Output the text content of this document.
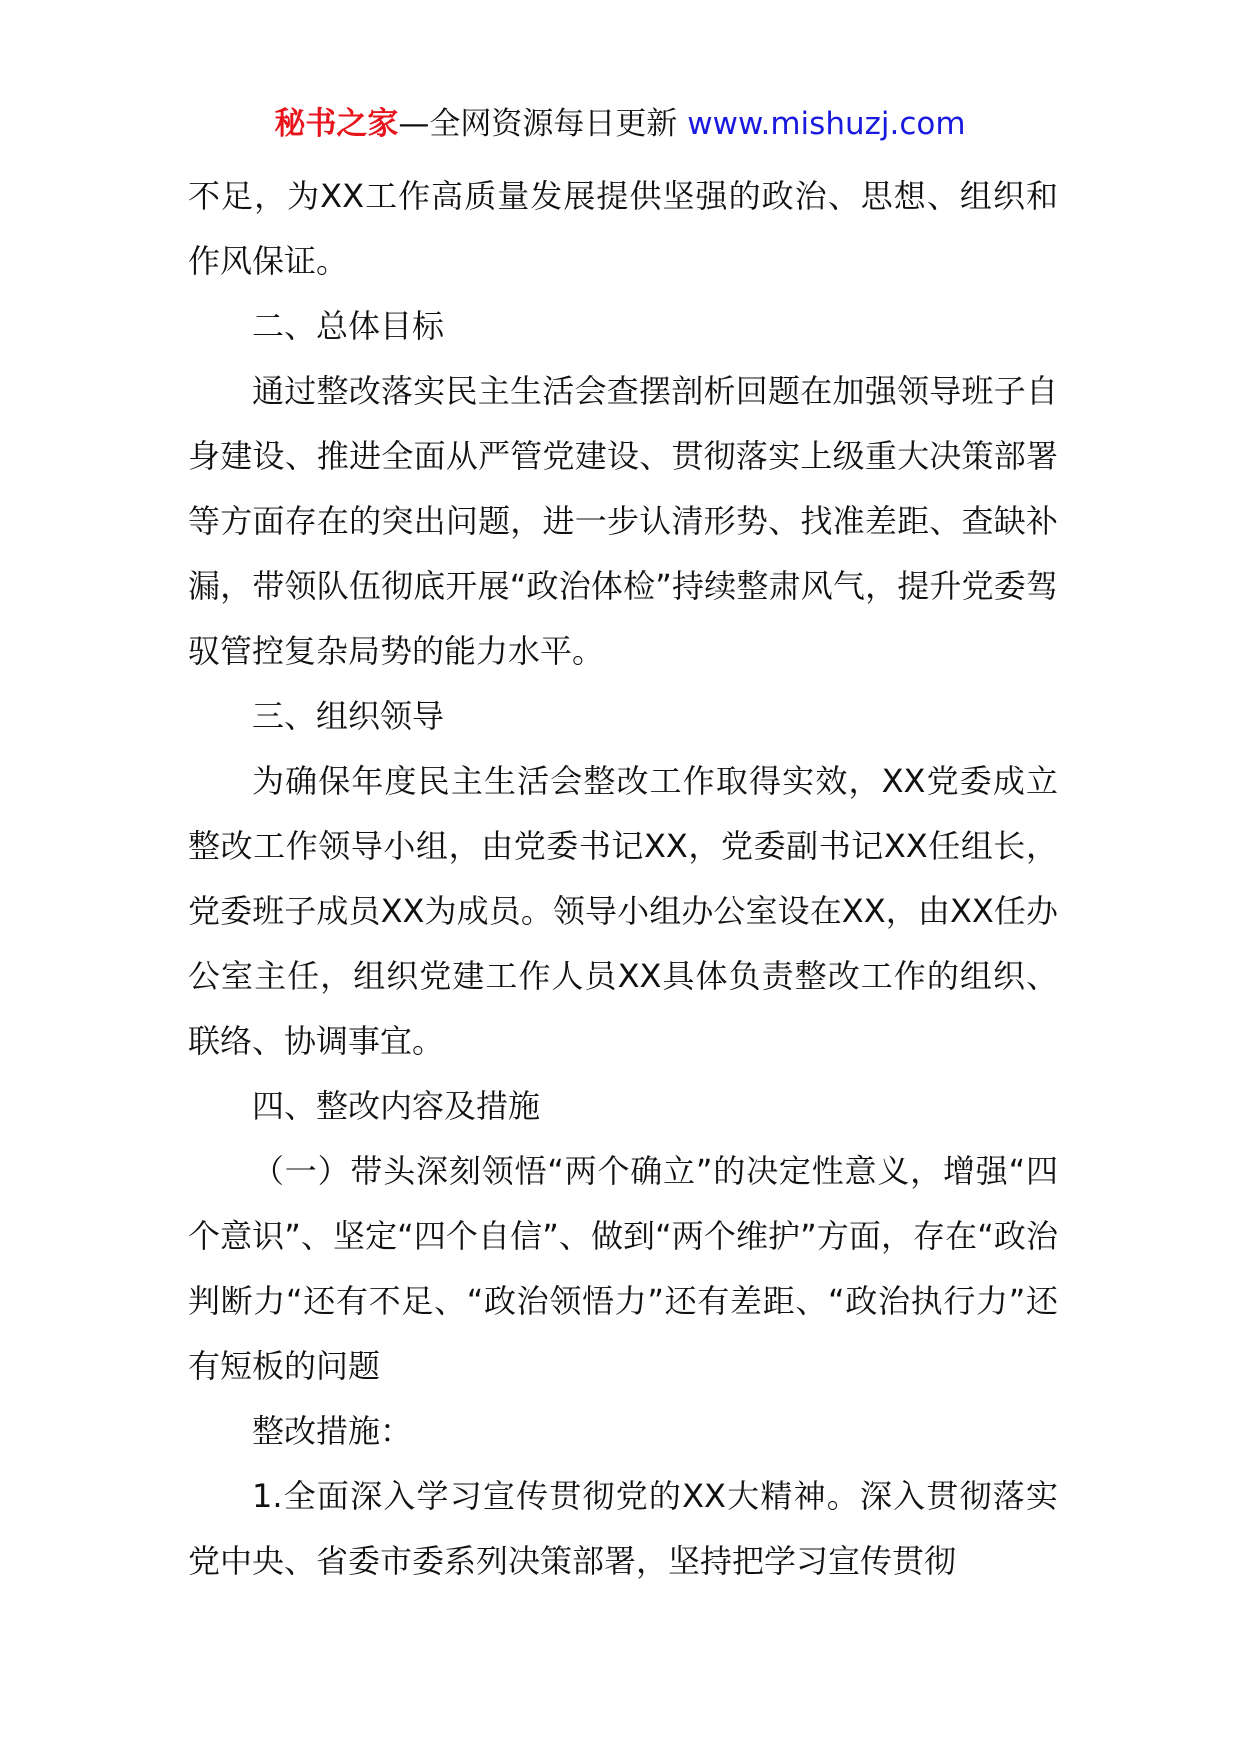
秘书之家—全网资源每日更新 www.mishuzj.com

不足，为XX工作高质量发展提供坚强的政治、思想、组织和作风保证。

二、总体目标

通过整改落实民主生活会查摆剖析回题在加强领导班子自身建设、推进全面从严管党建设、贯彻落实上级重大决策部署等方面存在的突出问题，进一步认清形势、找准差距、查缺补漏，带领队伍彻底开展“政治体检”持续整肃风气，提升党委驾驭管控复杂局势的能力水平。

三、组织领导

为确保年度民主生活会整改工作取得实效，XX党委成立整改工作领导小组，由党委书记XX，党委副书记XX任组长，党委班子成员XX为成员。领导小组办公室设在XX，由XX任办公室主任，组织党建工作人员XX具体负责整改工作的组织、联络、协调事宜。

四、整改内容及措施

（一）带头深刻领悟“两个确立”的决定性意义，增强“四个意识”、坚定“四个自信”、做到“两个维护”方面，存在“政治判断力“还有不足、“政治领悟力”还有差距、“政治执行力”还有短板的问题

整改措施：

1.全面深入学习宣传贯彻党的XX大精神。深入贯彻落实党中央、省委市委系列决策部署，坚持把学习宣传贯彻
